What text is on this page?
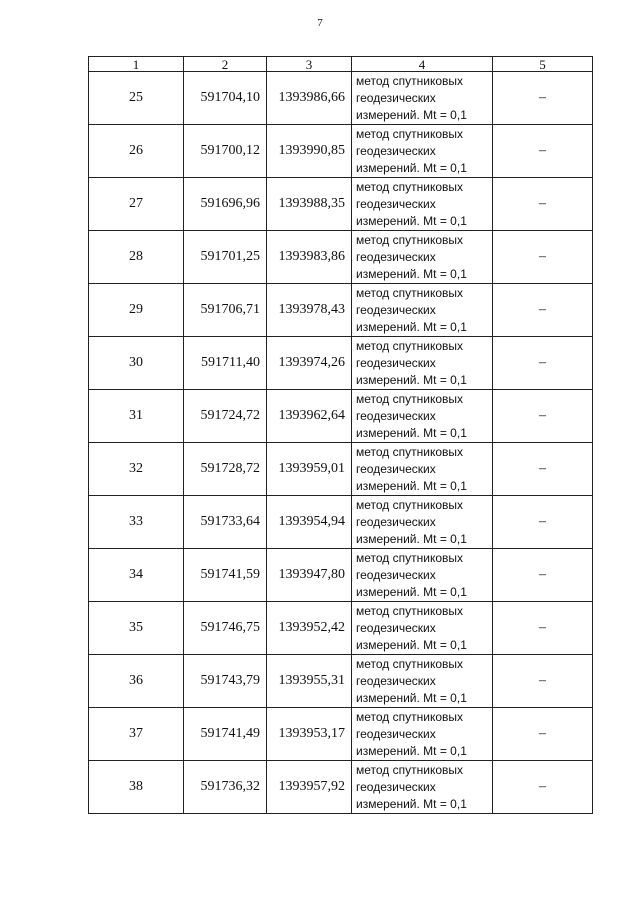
7
1	2	3	4	5
25	591704,10	1393986,66	метод спутниковых
геодезических
измерений. Mt = 0,1	–
26	591700,12	1393990,85	метод спутниковых
геодезических
измерений. Mt = 0,1	–
27	591696,96	1393988,35	метод спутниковых
геодезических
измерений. Mt = 0,1	–
28	591701,25	1393983,86	метод спутниковых
геодезических
измерений. Mt = 0,1	–
29	591706,71	1393978,43	метод спутниковых
геодезических
измерений. Mt = 0,1	–
30	591711,40	1393974,26	метод спутниковых
геодезических
измерений. Mt = 0,1	–
31	591724,72	1393962,64	метод спутниковых
геодезических
измерений. Mt = 0,1	–
32	591728,72	1393959,01	метод спутниковых
геодезических
измерений. Mt = 0,1	–
33	591733,64	1393954,94	метод спутниковых
геодезических
измерений. Mt = 0,1	–
34	591741,59	1393947,80	метод спутниковых
геодезических
измерений. Mt = 0,1	–
35	591746,75	1393952,42	метод спутниковых
геодезических
измерений. Mt = 0,1	–
36	591743,79	1393955,31	метод спутниковых
геодезических
измерений. Mt = 0,1	–
37	591741,49	1393953,17	метод спутниковых
геодезических
измерений. Mt = 0,1	–
38	591736,32	1393957,92	метод спутниковых
геодезических
измерений. Mt = 0,1	–
